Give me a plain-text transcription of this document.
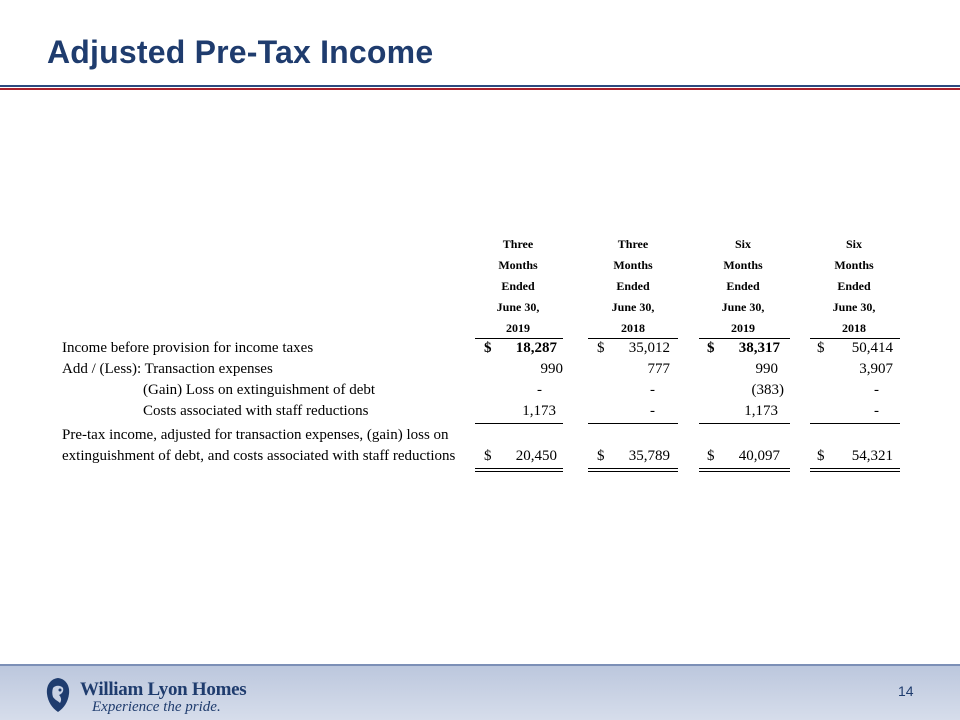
Adjusted Pre-Tax Income
Three
Months
Ended
June 30,
2019
Three
Months
Ended
June 30,
2018
Six
Months
Ended
June 30,
2019
Six
Months
Ended
June 30,
2018
Income before provision for income taxes	$	18,287	$	35,012 $	38,317 $	50,414
Add / (Less): Transaction expenses	990	777	990	3,907
(Gain) Loss on extinguishment of debt	-	-	(383)	-
Costs associated with staff reductions	1,173	-	1,173	-
Pre-tax income, adjusted for transaction expenses, (gain) loss on
extinguishment of debt, and costs associated with staff reductions $	20,450	$	35,789 $	40,097 $	54,321
William Lyon Homes
Experience the pride.
14
